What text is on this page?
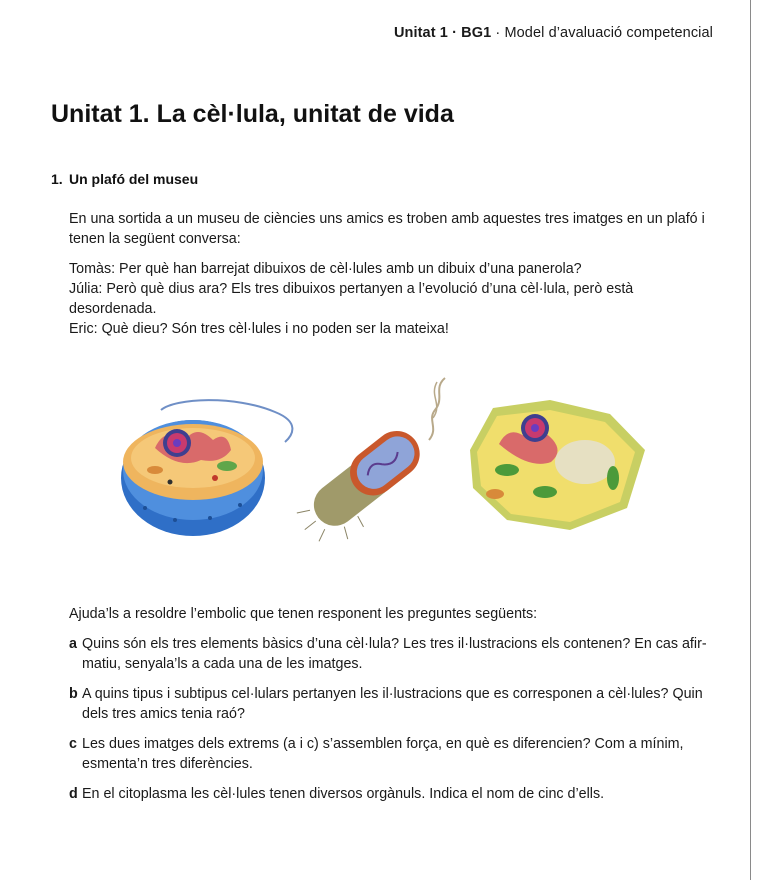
Unitat 1 · BG1 · Model d’avaluació competencial
Unitat 1. La cèl·lula, unitat de vida
1. Un plafó del museu
En una sortida a un museu de ciències uns amics es troben amb aquestes tres imatges en un plafó i tenen la següent conversa:

Tomàs: Per què han barrejat dibuixos de cèl·lules amb un dibuix d’una panerola?

Júlia: Però què dius ara? Els tres dibuixos pertanyen a l’evolució d’una cèl·lula, però està desordenada.

Eric: Què dieu? Són tres cèl·lules i no poden ser la mateixa!

Ajuda’ls a resoldre l’embolic que tenen responent les preguntes següents:
a Quins són els tres elements bàsics d’una cèl·lula? Les tres il·lustracions els contenen? En cas afirmatiu, senyala’ls a cada una de les imatges.
b A quins tipus i subtipus cel·lulars pertanyen les il·lustracions que es corresponen a cèl·lules? Quin dels tres amics tenia raó?
c Les dues imatges dels extrems (a i c) s’assemblen força, en què es diferencien? Com a mínim, esmenta’n tres diferències.
d En el citoplasma les cèl·lules tenen diversos orgànuls. Indica el nom de cinc d’ells.
